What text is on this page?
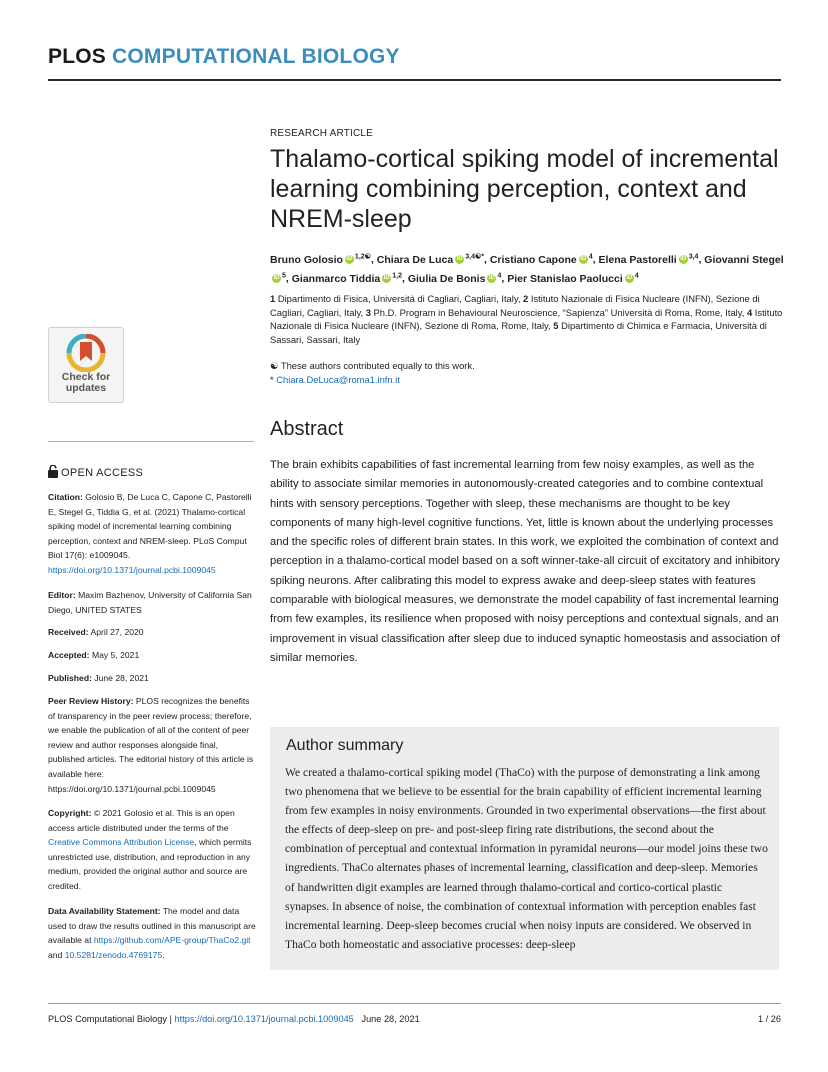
PLOS COMPUTATIONAL BIOLOGY
Check for
updates
RESEARCH ARTICLE
Thalamo-cortical spiking model of incremental learning combining perception, context and NREM-sleep
Bruno Golosio iD $^{1,2☯}$, Chiara De Luca iD $^{3,4☯*}$, Cristiano Capone iD $^4$, Elena Pastorelli iD $^{3,4}$, Giovanni StegeliD $^5$, Gianmarco Tiddia iD $^{1,2}$, Giulia De Bonis iD $^4$, Pier Stanislao Paolucci iD $^4$
1 Dipartimento di Fisica, Università di Cagliari, Cagliari, Italy, 2 Istituto Nazionale di Fisica Nucleare (INFN), Sezione di Cagliari, Cagliari, Italy, 3 Ph.D. Program in Behavioural Neuroscience, “Sapienza” Università di Roma, Rome, Italy, 4 Istituto Nazionale di Fisica Nucleare (INFN), Sezione di Roma, Rome, Italy, 5 Dipartimento di Chimica e Farmacia, Università di Sassari, Sassari, Italy
☯ These authors contributed equally to this work.
* Chiara.DeLuca@roma1.infn.it
OPEN ACCESS
Citation: Golosio B, De Luca C, Capone C, Pastorelli E, Stegel G, Tiddia G, et al. (2021) Thalamo-cortical spiking model of incremental learning combining perception, context and NREM-sleep. PLoS Comput Biol 17(6): e1009045. https://doi.org/10.1371/journal.pcbi.1009045
Editor: Maxim Bazhenov, University of California San Diego, UNITED STATES
Received: April 27, 2020
Accepted: May 5, 2021
Published: June 28, 2021
Peer Review History: PLOS recognizes the benefits of transparency in the peer review process; therefore, we enable the publication of all of the content of peer review and author responses alongside final, published articles. The editorial history of this article is available here: https://doi.org/10.1371/journal.pcbi.1009045
Copyright: © 2021 Golosio et al. This is an open access article distributed under the terms of the Creative Commons Attribution License, which permits unrestricted use, distribution, and reproduction in any medium, provided the original author and source are credited.
Data Availability Statement: The model and data used to draw the results outlined in this manuscript are available at https://github.com/APE-group/ThaCo2.git and 10.5281/zenodo.4769175.
Abstract
The brain exhibits capabilities of fast incremental learning from few noisy examples, as well as the ability to associate similar memories in autonomously-created categories and to combine contextual hints with sensory perceptions. Together with sleep, these mechanisms are thought to be key components of many high-level cognitive functions. Yet, little is known about the underlying processes and the specific roles of different brain states. In this work, we exploited the combination of context and perception in a thalamo-cortical model based on a soft winner-take-all circuit of excitatory and inhibitory spiking neurons. After calibrating this model to express awake and deep-sleep states with features comparable with biological measures, we demonstrate the model capability of fast incremental learning from few examples, its resilience when proposed with noisy perceptions and contextual signals, and an improvement in visual classification after sleep due to induced synaptic homeostasis and association of similar memories.
Author summary
We created a thalamo-cortical spiking model (ThaCo) with the purpose of demonstrating a link among two phenomena that we believe to be essential for the brain capability of efficient incremental learning from few examples in noisy environments. Grounded in two experimental observations—the first about the effects of deep-sleep on pre- and post-sleep firing rate distributions, the second about the combination of perceptual and contextual information in pyramidal neurons—our model joins these two ingredients. ThaCo alternates phases of incremental learning, classification and deep-sleep. Memories of handwritten digit examples are learned through thalamo-cortical and cortico-cortical plastic synapses. In absence of noise, the combination of contextual information with perception enables fast incremental learning. Deep-sleep becomes crucial when noisy inputs are considered. We observed in ThaCo both homeostatic and associative processes: deep-sleep
PLOS Computational Biology | https://doi.org/10.1371/journal.pcbi.1009045 June 28, 2021	1 / 26
